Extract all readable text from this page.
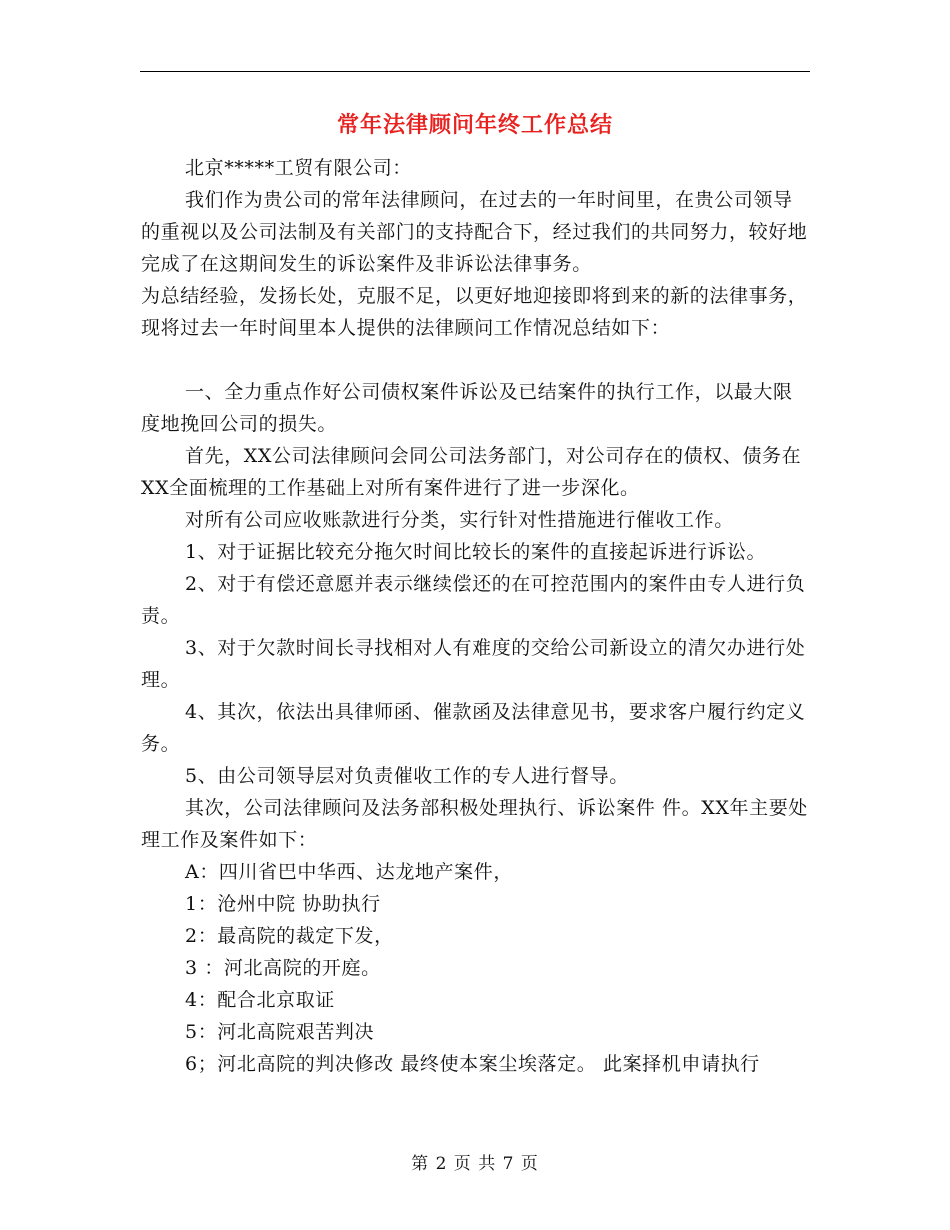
常年法律顾问年终工作总结

北京*****工贸有限公司：

我们作为贵公司的常年法律顾问，在过去的一年时间里，在贵公司领导的重视以及公司法制及有关部门的支持配合下，经过我们的共同努力，较好地完成了在这期间发生的诉讼案件及非诉讼法律事务。

为总结经验，发扬长处，克服不足，以更好地迎接即将到来的新的法律事务，现将过去一年时间里本人提供的法律顾问工作情况总结如下：

一、全力重点作好公司债权案件诉讼及已结案件的执行工作，以最大限度地挽回公司的损失。

首先，XX公司法律顾问会同公司法务部门，对公司存在的债权、债务在XX全面梳理的工作基础上对所有案件进行了进一步深化。

对所有公司应收账款进行分类，实行针对性措施进行催收工作。

1、对于证据比较充分拖欠时间比较长的案件的直接起诉进行诉讼。

2、对于有偿还意愿并表示继续偿还的在可控范围内的案件由专人进行负责。

3、对于欠款时间长寻找相对人有难度的交给公司新设立的清欠办进行处理。

4、其次，依法出具律师函、催款函及法律意见书，要求客户履行约定义务。

5、由公司领导层对负责催收工作的专人进行督导。

其次，公司法律顾问及法务部积极处理执行、诉讼案件 件。XX年主要处理工作及案件如下：

A：四川省巴中华西、达龙地产案件，

1：沧州中院 协助执行

2：最高院的裁定下发，

3 ：河北高院的开庭。

4：配合北京取证

5：河北高院艰苦判决

6；河北高院的判决修改 最终使本案尘埃落定。 此案择机申请执行

第 2 页 共 7 页
